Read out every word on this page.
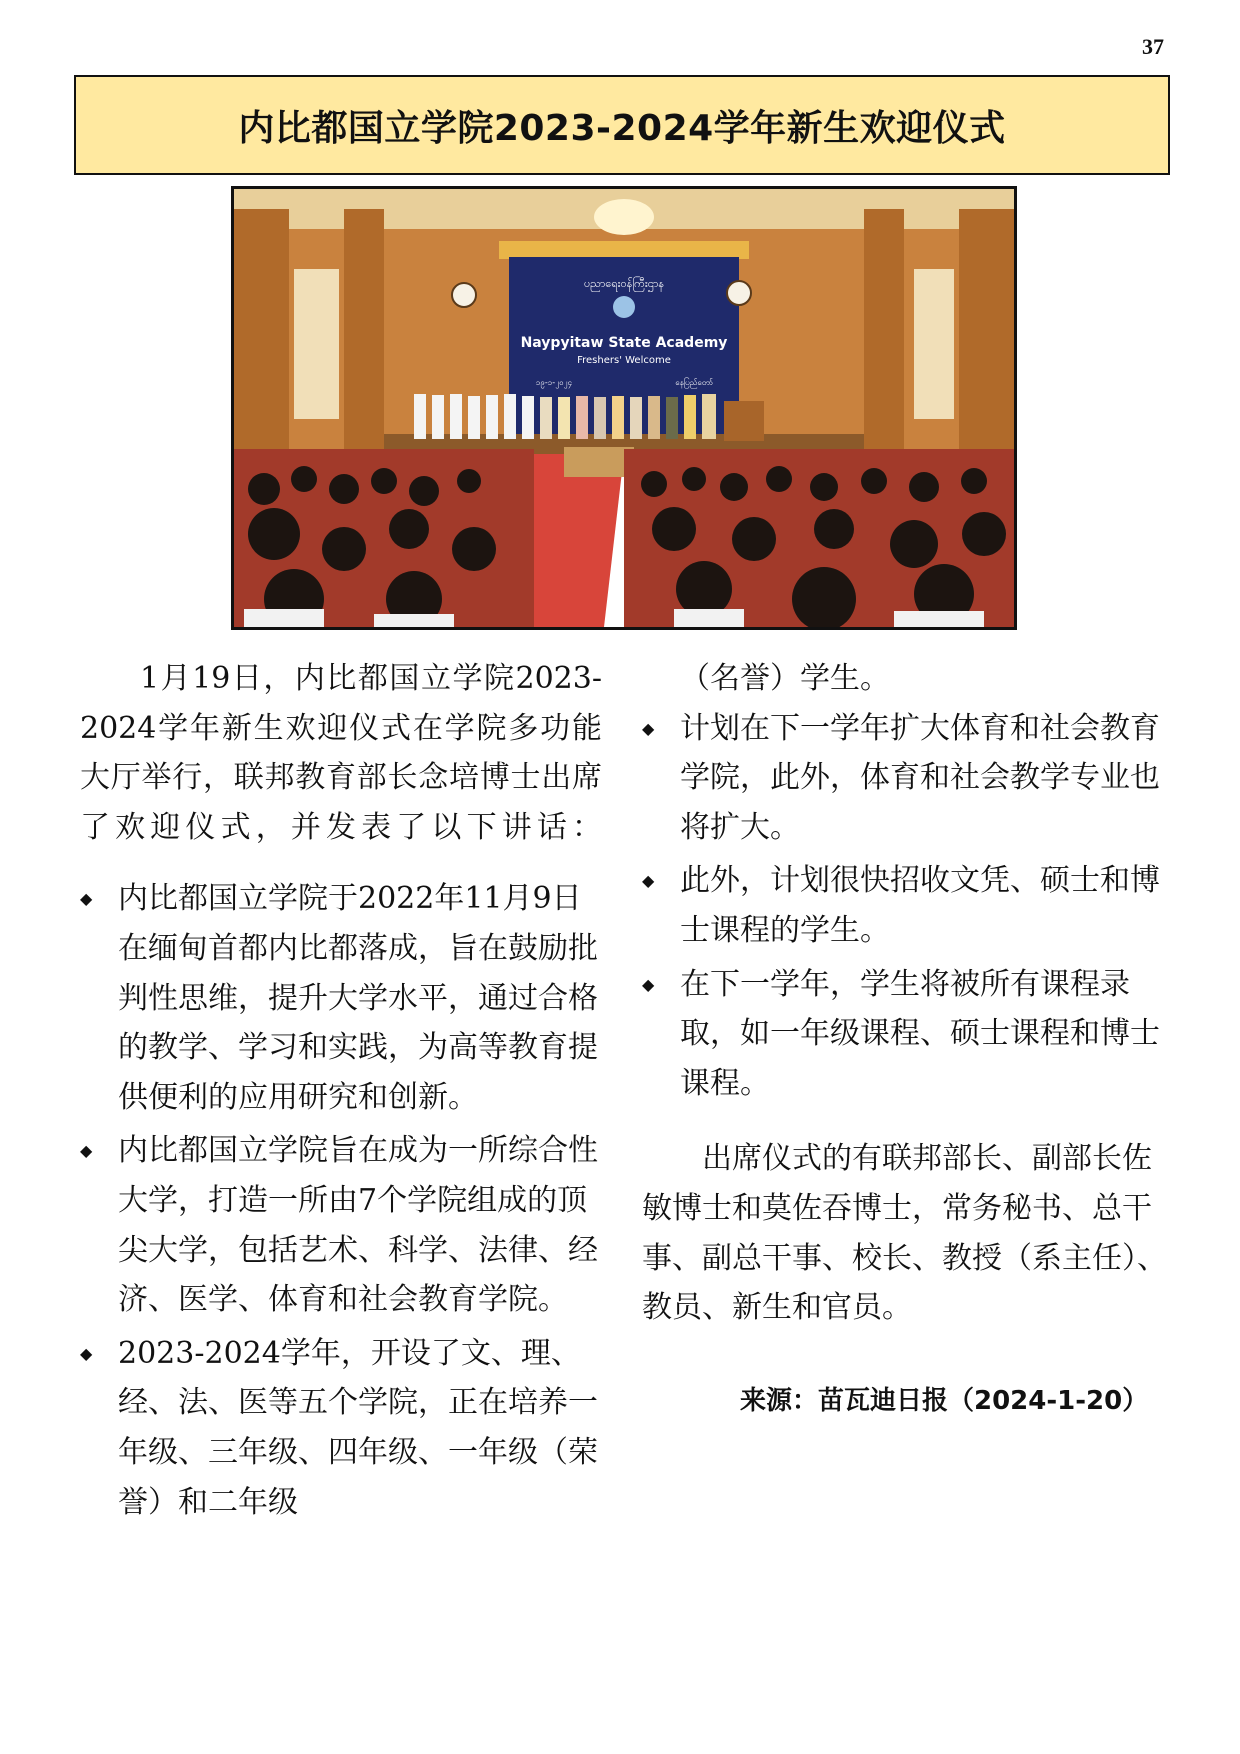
37
内比都国立学院2023-2024学年新生欢迎仪式
ပညာရေးဝန်ကြီးဌာန
Naypyitaw State Academy
Freshers' Welcome
၁၉-၁-၂၀၂၄	နေပြည်တော်

1月19日，内比都国立学院2023-2024学年新生欢迎仪式在学院多功能大厅举行，联邦教育部长念培博士出席了欢迎仪式，并发表了以下讲话：

◆ 内比都国立学院于2022年11月9日在缅甸首都内比都落成，旨在鼓励批判性思维，提升大学水平，通过合格的教学、学习和实践，为高等教育提供便利的应用研究和创新。
◆ 内比都国立学院旨在成为一所综合性大学，打造一所由7个学院组成的顶尖大学，包括艺术、科学、法律、经济、医学、体育和社会教育学院。
◆ 2023-2024学年，开设了文、理、经、法、医等五个学院，正在培养一年级、三年级、四年级、一年级（荣誉）和二年级

（名誉）学生。

◆ 计划在下一学年扩大体育和社会教育学院，此外，体育和社会教学专业也将扩大。
◆ 此外，计划很快招收文凭、硕士和博士课程的学生。
◆ 在下一学年，学生将被所有课程录取，如一年级课程、硕士课程和博士课程。

出席仪式的有联邦部长、副部长佐敏博士和莫佐吞博士，常务秘书、总干事、副总干事、校长、教授（系主任）、教员、新生和官员。

来源：苗瓦迪日报（2024-1-20）
